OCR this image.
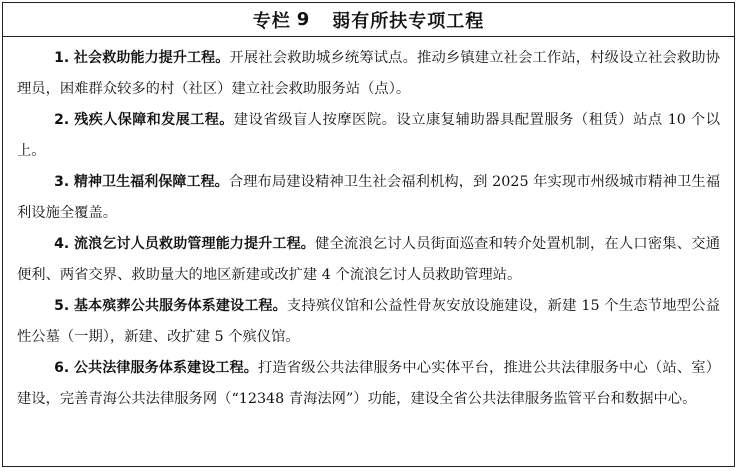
专栏 9 弱有所扶专项工程

1. 社会救助能力提升工程。开展社会救助城乡统筹试点。推动乡镇建立社会工作站，村级设立社会救助协理员，困难群众较多的村（社区）建立社会救助服务站（点）。

2. 残疾人保障和发展工程。建设省级盲人按摩医院。设立康复辅助器具配置服务（租赁）站点 10 个以上。

3. 精神卫生福利保障工程。合理布局建设精神卫生社会福利机构，到 2025 年实现市州级城市精神卫生福利设施全覆盖。

4. 流浪乞讨人员救助管理能力提升工程。健全流浪乞讨人员街面巡查和转介处置机制，在人口密集、交通便利、两省交界、救助量大的地区新建或改扩建 4 个流浪乞讨人员救助管理站。

5. 基本殡葬公共服务体系建设工程。支持殡仪馆和公益性骨灰安放设施建设，新建 15 个生态节地型公益性公墓（一期），新建、改扩建 5 个殡仪馆。

6. 公共法律服务体系建设工程。打造省级公共法律服务中心实体平台，推进公共法律服务中心（站、室）建设，完善青海公共法律服务网（“12348 青海法网”）功能，建设全省公共法律服务监管平台和数据中心。
